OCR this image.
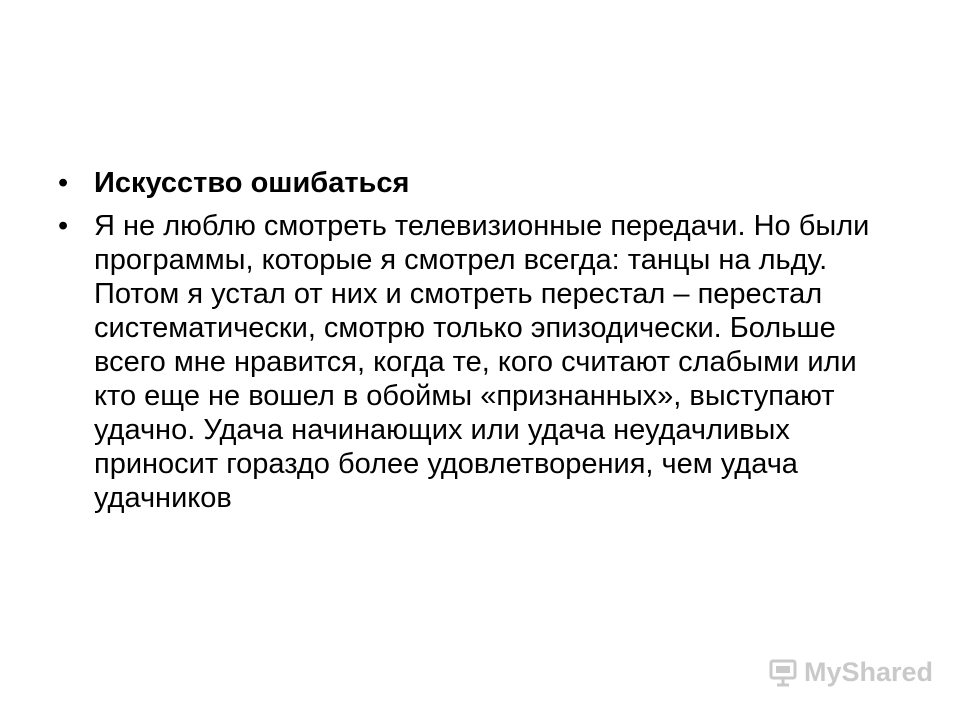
• Искусство ошибаться
• Я не люблю смотреть телевизионные передачи. Но были программы, которые я смотрел всегда: танцы на льду. Потом я устал от них и смотреть перестал – перестал систематически, смотрю только эпизодически. Больше всего мне нравится, когда те, кого считают слабыми или кто еще не вошел в обоймы «признанных», выступают удачно. Удача начинающих или удача неудачливых приносит гораздо более удовлетворения, чем удача удачников
MyShared
